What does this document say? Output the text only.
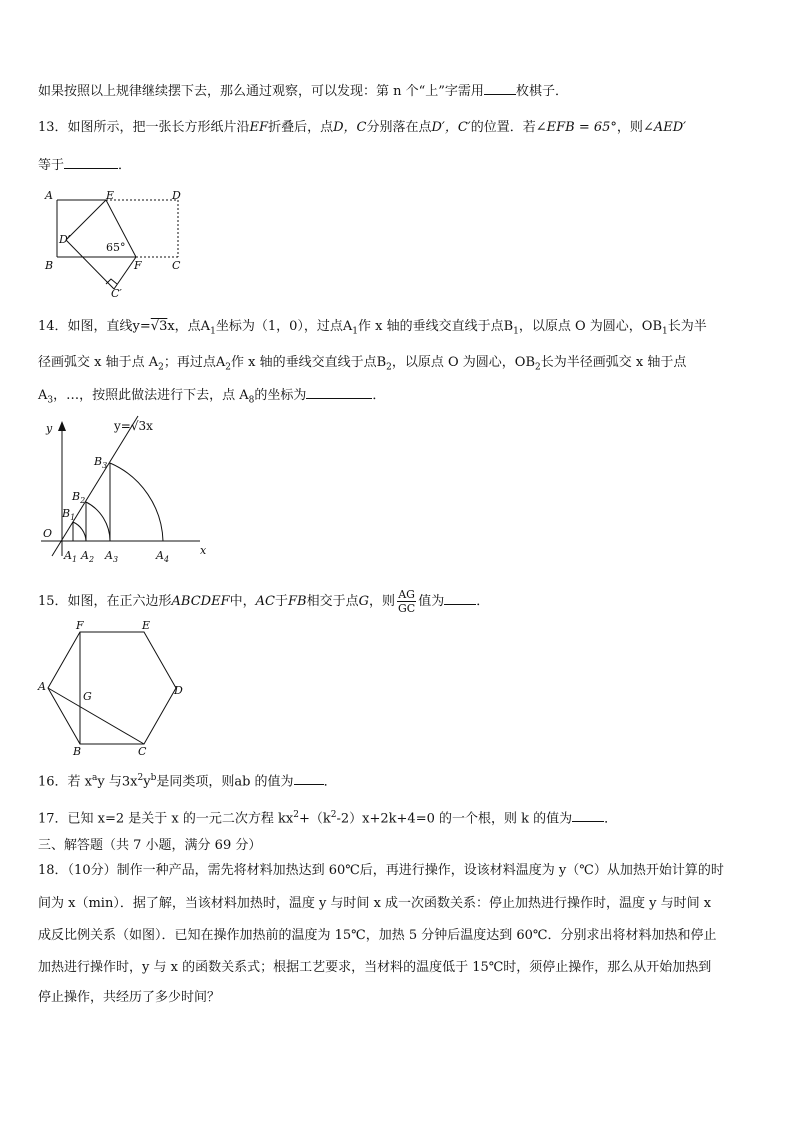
如果按照以上规律继续摆下去，那么通过观察，可以发现：第 n 个“上”字需用 枚棋子．
13．如图所示，把一张长方形纸片沿EF折叠后，点D，C分别落在点D′，C′的位置．若∠EFB = 65°，则∠AED′
等于	．
A	E	D
D′
65°
B	F	C
C′
14．如图，直线y=√3x，点$A_1$坐标为（1，0），过点$A_1$作 x 轴的垂线交直线于点$B_1$，以原点 O 为圆心，$OB_1$长为半
径画弧交 x 轴于点 $A_2$；再过点$A_2$作 x 轴的垂线交直线于点$B_2$，以原点 O 为圆心，$OB_2$长为半径画弧交 x 轴于点
$A_3$，…，按照此做法进行下去，点 $A_8$的坐标为	．
y	y=√3x
$B_3$
$B_2$
$B_1$
O
$A_1$ $A_2$ $A_3$	$A_4$
x
15．如图，在正六边形ABCDEF中，AC于FB相交于点G，则 $\frac{AG}{GC}$ 值为 ．
F	E
A
G	D
B	C
16．若 $x^ay$ 与$3x^2y^b$是同类项，则ab 的值为 ．
17．已知 x=2 是关于 x 的一元二次方程 $kx^2+(k^2-2)x+2k+4=0$ 的一个根，则 k 的值为 ．
三、解答题（共 7 小题，满分 69 分）
18．（10分）制作一种产品，需先将材料加热达到 60℃后，再进行操作，设该材料温度为 y（℃）从加热开始计算的时
间为 x（min）．据了解，当该材料加热时，温度 y 与时间 x 成一次函数关系：停止加热进行操作时，温度 y 与时间 x
成反比例关系（如图）．已知在操作加热前的温度为 15℃，加热 5 分钟后温度达到 60℃．分别求出将材料加热和停止
加热进行操作时，y 与 x 的函数关系式；根据工艺要求，当材料的温度低于 15℃时，须停止操作，那么从开始加热到
停止操作，共经历了多少时间？
